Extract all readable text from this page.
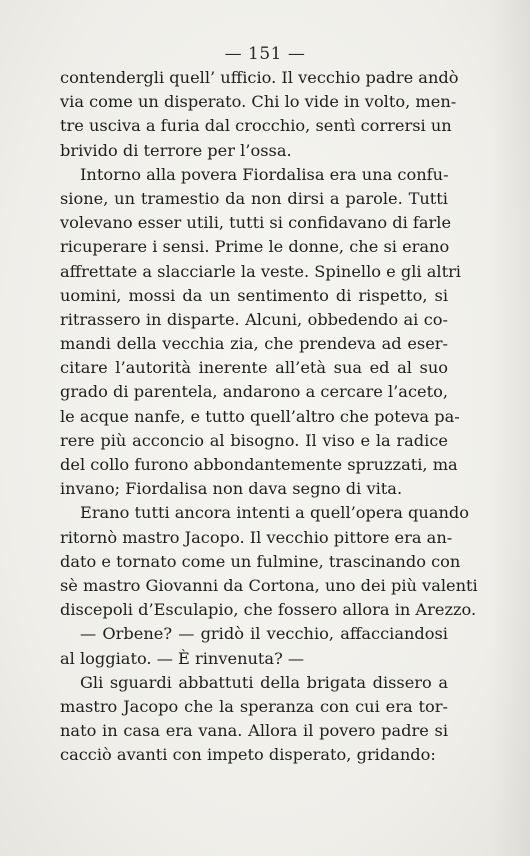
— 151 —
contendergli quell’ ufficio. Il vecchio padre andò
via come un disperato. Chi lo vide in volto, men-
tre usciva a furia dal crocchio, sentì corrersi un
brivido di terrore per l’ossa.
Intorno alla povera Fiordalisa era una confu-
sione, un tramestio da non dirsi a parole. Tutti
volevano esser utili, tutti si confidavano di farle
ricuperare i sensi. Prime le donne, che si erano
affrettate a slacciarle la veste. Spinello e gli altri
uomini, mossi da un sentimento di rispetto, si
ritrassero in disparte. Alcuni, obbedendo ai co-
mandi della vecchia zia, che prendeva ad eser-
citare l’autorità inerente all’età sua ed al suo
grado di parentela, andarono a cercare l’aceto,
le acque nanfe, e tutto quell’altro che poteva pa-
rere più acconcio al bisogno. Il viso e la radice
del collo furono abbondantemente spruzzati, ma
invano; Fiordalisa non dava segno di vita.
Erano tutti ancora intenti a quell’opera quando
ritornò mastro Jacopo. Il vecchio pittore era an-
dato e tornato come un fulmine, trascinando con
sè mastro Giovanni da Cortona, uno dei più valenti
discepoli d’Esculapio, che fossero allora in Arezzo.
— Orbene? — gridò il vecchio, affacciandosi
al loggiato. — È rinvenuta? —
Gli sguardi abbattuti della brigata dissero a
mastro Jacopo che la speranza con cui era tor-
nato in casa era vana. Allora il povero padre si
cacciò avanti con impeto disperato, gridando:
